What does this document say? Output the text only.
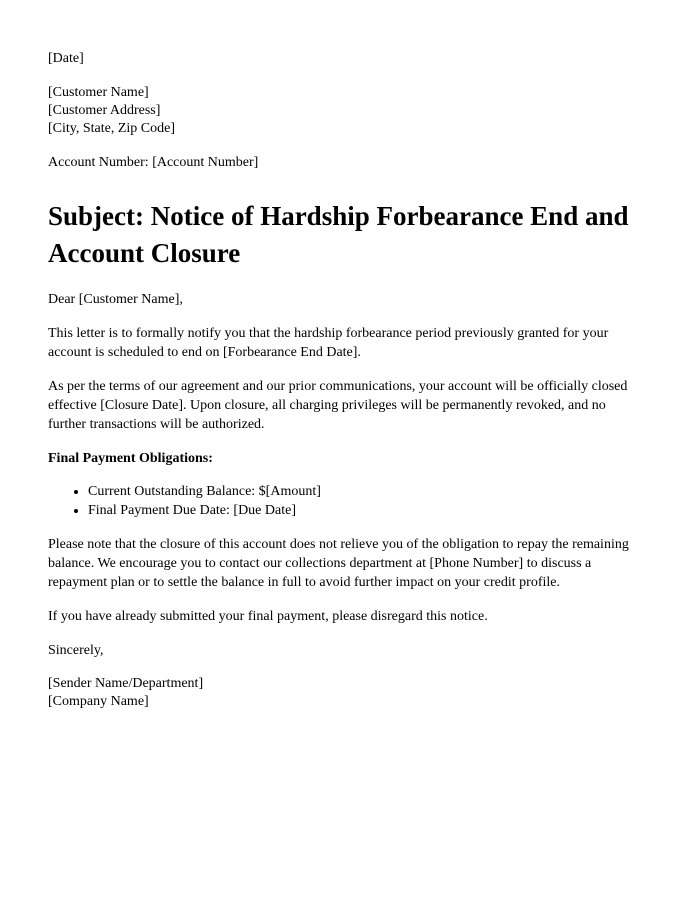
[Date]

[Customer Name]

[Customer Address]

[City, State, Zip Code]

Account Number: [Account Number]

Subject: Notice of Hardship Forbearance End and Account Closure

Dear [Customer Name],

This letter is to formally notify you that the hardship forbearance period previously granted for your account is scheduled to end on [Forbearance End Date].

As per the terms of our agreement and our prior communications, your account will be officially closed effective [Closure Date]. Upon closure, all charging privileges will be permanently revoked, and no further transactions will be authorized.

Final Payment Obligations:

• Current Outstanding Balance: $[Amount]
• Final Payment Due Date: [Due Date]

Please note that the closure of this account does not relieve you of the obligation to repay the remaining balance. We encourage you to contact our collections department at [Phone Number] to discuss a repayment plan or to settle the balance in full to avoid further impact on your credit profile.

If you have already submitted your final payment, please disregard this notice.

Sincerely,

[Sender Name/Department]

[Company Name]
